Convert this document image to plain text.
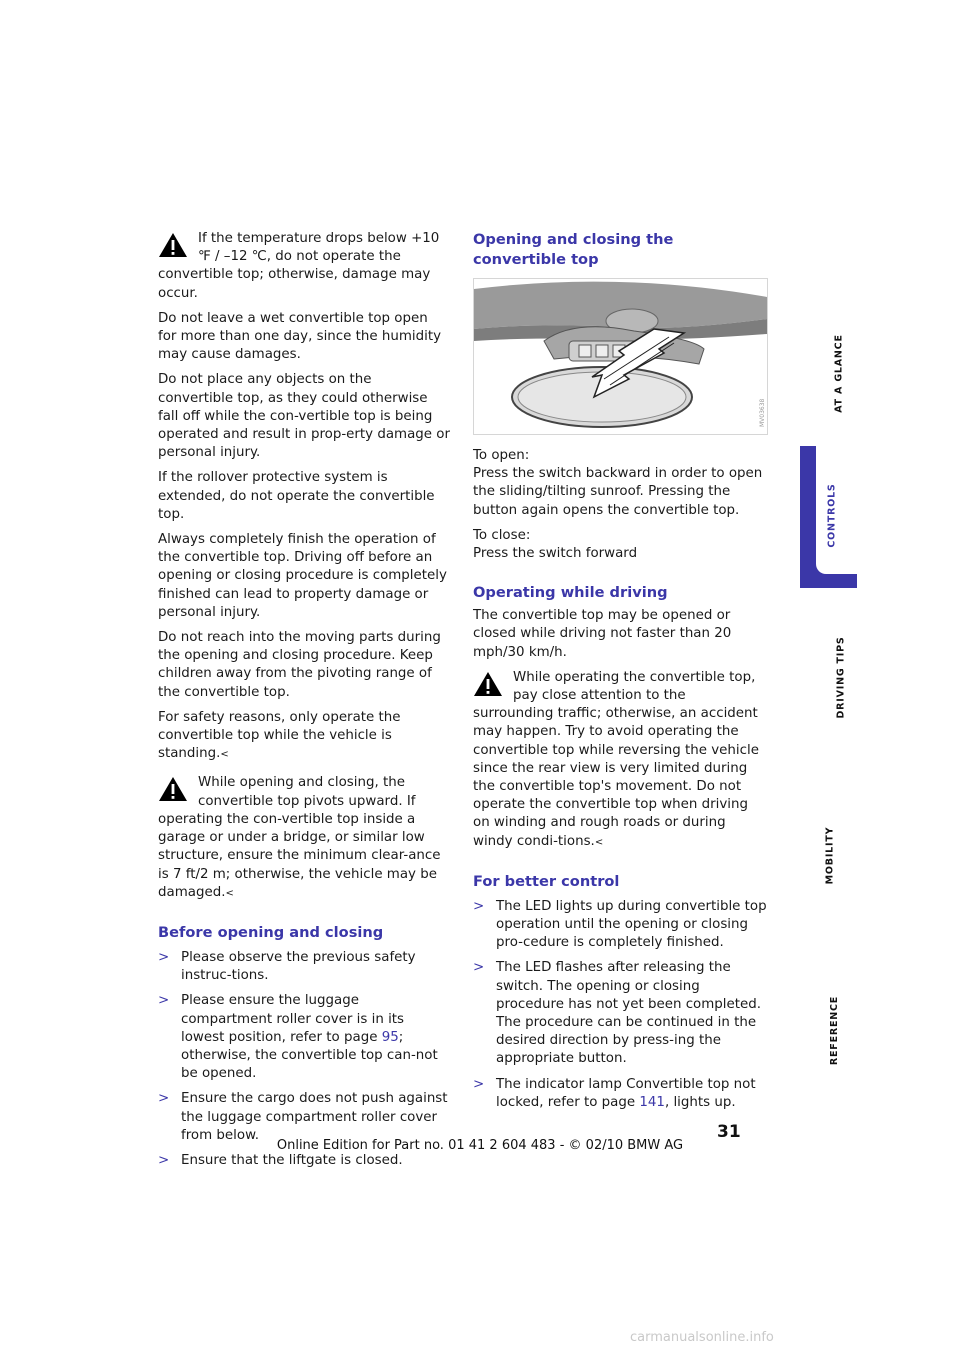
If the temperature drops below +10 ℉ / –12 ℃, do not operate the convertible top; otherwise, damage may occur.

Do not leave a wet convertible top open for more than one day, since the humidity may cause damages.

Do not place any objects on the convertible top, as they could otherwise fall off while the con-vertible top is being operated and result in prop-erty damage or personal injury.

If the rollover protective system is extended, do not operate the convertible top.

Always completely finish the operation of the convertible top. Driving off before an opening or closing procedure is completely finished can lead to property damage or personal injury.

Do not reach into the moving parts during the opening and closing procedure. Keep children away from the pivoting range of the convertible top.

For safety reasons, only operate the convertible top while the vehicle is standing.<

While opening and closing, the convertible top pivots upward. If operating the con-vertible top inside a garage or under a bridge, or similar low structure, ensure the minimum clear-ance is 7 ft/2 m; otherwise, the vehicle may be damaged.<

Before opening and closing
> Please observe the previous safety instruc-tions.
> Please ensure the luggage compartment roller cover is in its lowest position, refer to page 95; otherwise, the convertible top can-not be opened.
> Ensure the cargo does not push against the luggage compartment roller cover from below.
> Ensure that the liftgate is closed.
Opening and closing the convertible top
MV03638

To open:

Press the switch backward in order to open the sliding/tilting sunroof. Pressing the button again opens the convertible top.

To close:

Press the switch forward

Operating while driving

The convertible top may be opened or closed while driving not faster than 20 mph/30 km/h.

While operating the convertible top, pay close attention to the surrounding traffic; otherwise, an accident may happen. Try to avoid operating the convertible top while reversing the vehicle since the rear view is very limited during the convertible top's movement. Do not operate the convertible top when driving on winding and rough roads or during windy condi-tions.<

For better control
> The LED lights up during convertible top operation until the opening or closing pro-cedure is completely finished.
> The LED flashes after releasing the switch. The opening or closing procedure has not yet been completed. The procedure can be continued in the desired direction by press-ing the appropriate button.
> The indicator lamp Convertible top not locked, refer to page 141, lights up.
AT A GLANCE
CONTROLS
DRIVING TIPS
MOBILITY
REFERENCE
31
Online Edition for Part no. 01 41 2 604 483 - © 02/10 BMW AG
carmanualsonline.info
